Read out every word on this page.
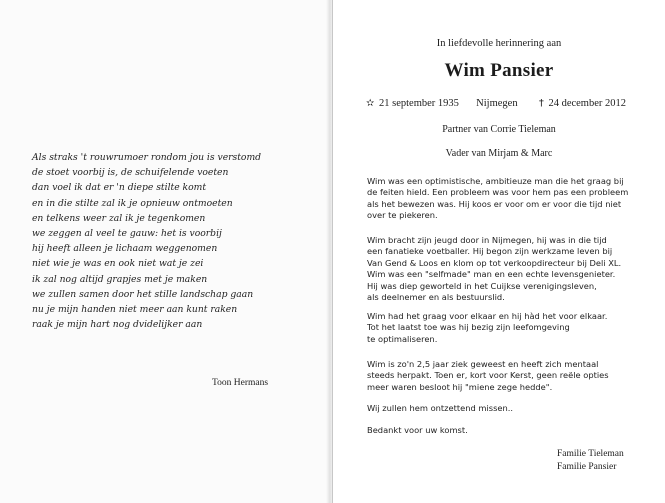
Als straks 't rouwrumoer rondom jou is verstomd
de stoet voorbij is, de schuifelende voeten
dan voel ik dat er 'n diepe stilte komt
en in die stilte zal ik je opnieuw ontmoeten
en telkens weer zal ik je tegenkomen
we zeggen al veel te gauw: het is voorbij
hij heeft alleen je lichaam weggenomen
niet wie je was en ook niet wat je zei
ik zal nog altijd grapjes met je maken
we zullen samen door het stille landschap gaan
nu je mijn handen niet meer aan kunt raken
raak je mijn hart nog dvidelijker aan
Toon Hermans
In liefdevolle herinnering aan
Wim Pansier
✫ 21 september 1935 Nijmegen † 24 december 2012
Partner van Corrie Tieleman
Vader van Mirjam & Marc
Wim was een optimistische, ambitieuze man die het graag bij
de feiten hield. Een probleem was voor hem pas een probleem
als het bewezen was. Hij koos er voor om er voor die tijd niet
over te piekeren.
Wim bracht zijn jeugd door in Nijmegen, hij was in die tijd
een fanatieke voetballer. Hij begon zijn werkzame leven bij
Van Gend & Loos en klom op tot verkoopdirecteur bij Deli XL.
Wim was een "selfmade" man en een echte levensgenieter.
Hij was diep geworteld in het Cuijkse verenigingsleven,
als deelnemer en als bestuurslid.
Wim had het graag voor elkaar en hij hàd het voor elkaar.
Tot het laatst toe was hij bezig zijn leefomgeving
te optimaliseren.
Wim is zo'n 2,5 jaar ziek geweest en heeft zich mentaal
steeds herpakt. Toen er, kort voor Kerst, geen reële opties
meer waren besloot hij "miene zege hedde".
Wij zullen hem ontzettend missen..
Bedankt voor uw komst.
Familie Tieleman
Familie Pansier
